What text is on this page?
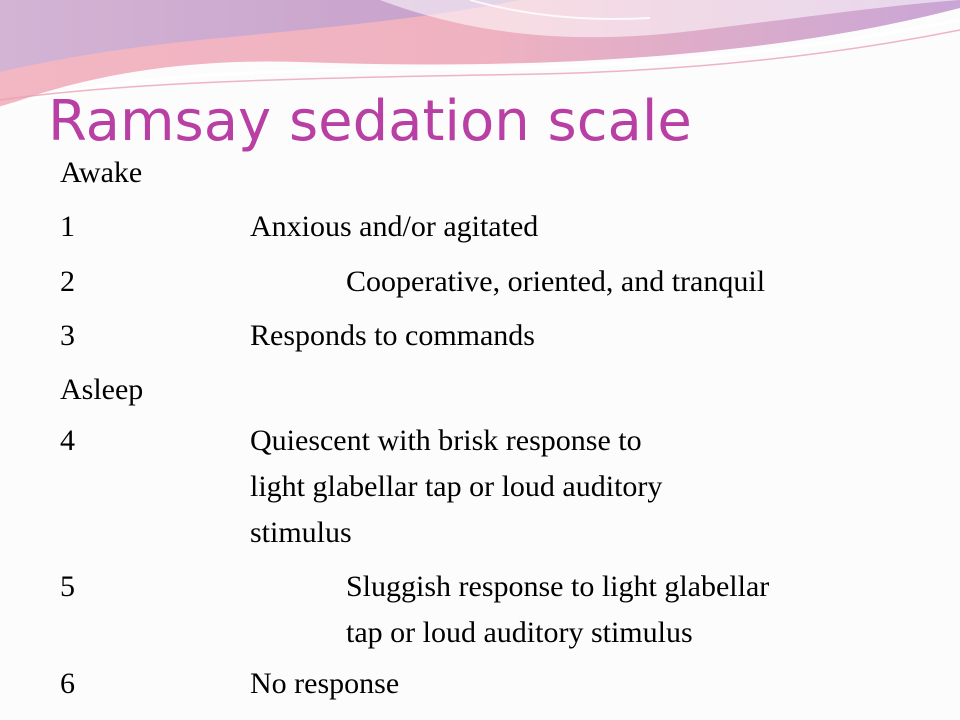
Ramsay sedation scale
Awake
1	Anxious and/or agitated
2	Cooperative, oriented, and tranquil
3	Responds to commands
Asleep
4	Quiescent with brisk response to
light glabellar tap or loud auditory
stimulus
5	Sluggish response to light glabellar
tap or loud auditory stimulus
6	No response
